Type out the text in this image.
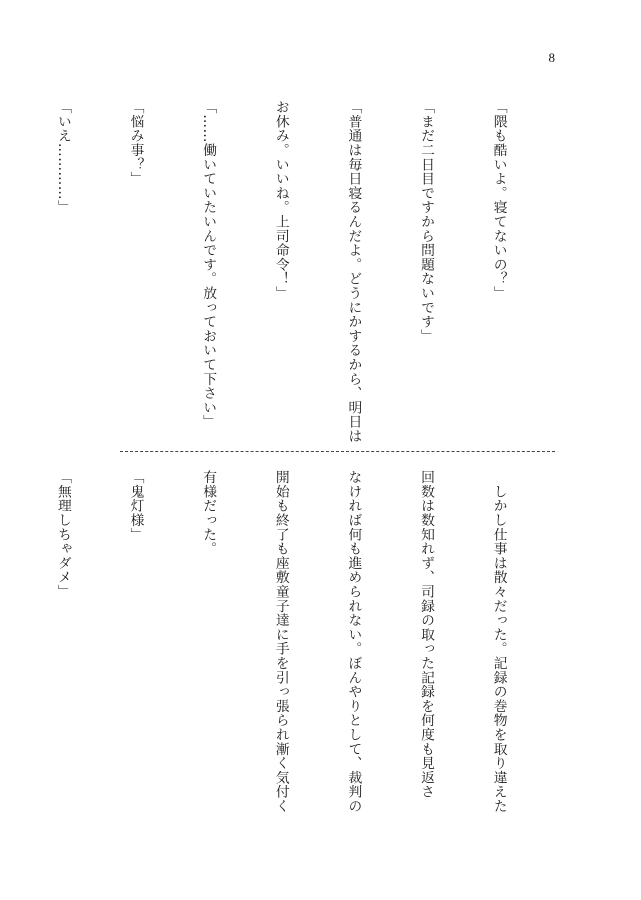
8

「隈も酷いよ。寝てないの？」

「まだ二日目ですから問題ないです」

「普通は毎日寝るんだよ。どうにかするから、明日は

お休み。いいね。上司命令！」

「……働いていたいんです。放っておいて下さい」

「悩み事？」

「いえ…………」

　しかし仕事は散々だった。記録の巻物を取り違えた

回数は数知れず、司録の取った記録を何度も見返さ

なければ何も進められない。ぼんやりとして、裁判の

開始も終了も座敷童子達に手を引っ張られ漸く気付く

有様だった。

「鬼灯様」

「無理しちゃダメ」
